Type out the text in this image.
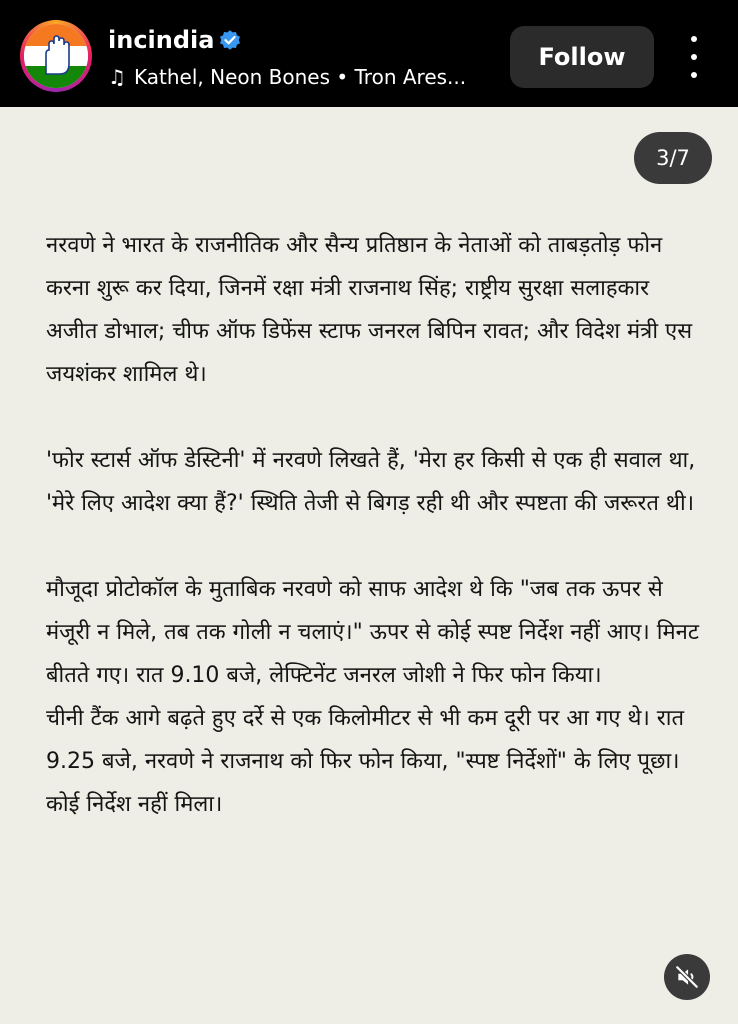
incindia
♫ Kathel, Neon Bones • Tron Ares...
Follow
3/7

नरवणे ने भारत के राजनीतिक और सैन्य प्रतिष्ठान के नेताओं को ताबड़तोड़ फोन करना शुरू कर दिया, जिनमें रक्षा मंत्री राजनाथ सिंह; राष्ट्रीय सुरक्षा सलाहकार अजीत डोभाल; चीफ ऑफ डिफेंस स्टाफ जनरल बिपिन रावत; और विदेश मंत्री एस जयशंकर शामिल थे।

'फोर स्टार्स ऑफ डेस्टिनी' में नरवणे लिखते हैं, 'मेरा हर किसी से एक ही सवाल था, 'मेरे लिए आदेश क्या हैं?' स्थिति तेजी से बिगड़ रही थी और स्पष्टता की जरूरत थी।

मौजूदा प्रोटोकॉल के मुताबिक नरवणे को साफ आदेश थे कि "जब तक ऊपर से मंजूरी न मिले, तब तक गोली न चलाएं।" ऊपर से कोई स्पष्ट निर्देश नहीं आए। मिनट बीतते गए। रात 9.10 बजे, लेफ्टिनेंट जनरल जोशी ने फिर फोन किया।

चीनी टैंक आगे बढ़ते हुए दर्रे से एक किलोमीटर से भी कम दूरी पर आ गए थे। रात 9.25 बजे, नरवणे ने राजनाथ को फिर फोन किया, "स्पष्ट निर्देशों" के लिए पूछा। कोई निर्देश नहीं मिला।
